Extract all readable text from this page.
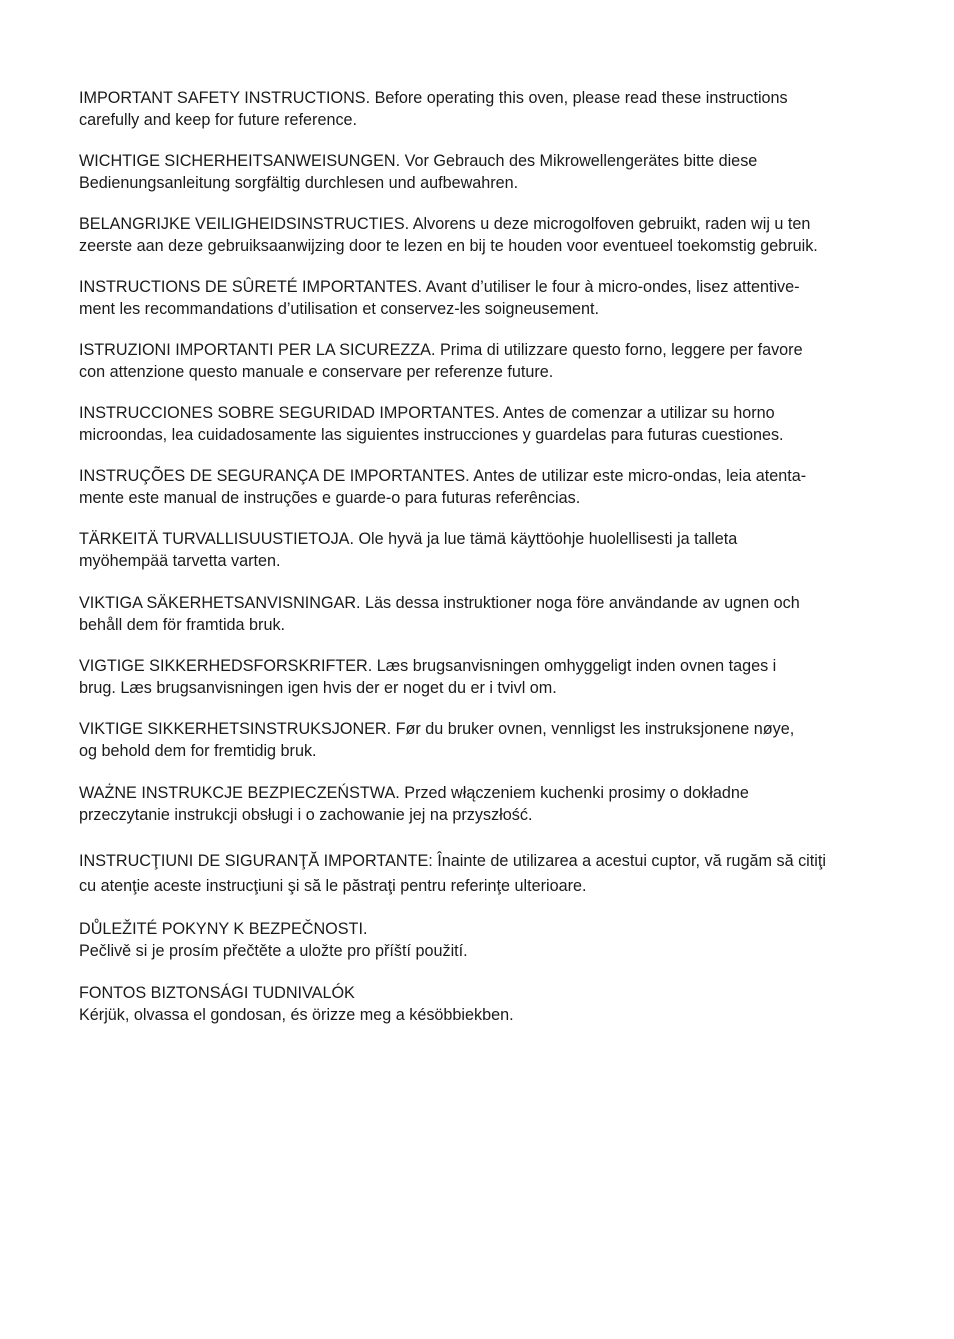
IMPORTANT SAFETY INSTRUCTIONS. Before operating this oven, please read these instructions
carefully and keep for future reference.

WICHTIGE SICHERHEITSANWEISUNGEN. Vor Gebrauch des Mikrowellengerätes bitte diese
Bedienungsanleitung sorgfältig durchlesen und aufbewahren.

BELANGRIJKE VEILIGHEIDSINSTRUCTIES. Alvorens u deze microgolfoven gebruikt, raden wij u ten
zeerste aan deze gebruiksaanwijzing door te lezen en bij te houden voor eventueel toekomstig gebruik.

INSTRUCTIONS DE SÛRETÉ IMPORTANTES. Avant d’utiliser le four à micro-ondes, lisez attentive-
ment les recommandations d’utilisation et conservez-les soigneusement.

ISTRUZIONI IMPORTANTI PER LA SICUREZZA. Prima di utilizzare questo forno, leggere per favore
con attenzione questo manuale e conservare per referenze future.

INSTRUCCIONES SOBRE SEGURIDAD IMPORTANTES. Antes de comenzar a utilizar su horno
microondas, lea cuidadosamente las siguientes instrucciones y guardelas para futuras cuestiones.

INSTRUÇÕES DE SEGURANÇA DE IMPORTANTES. Antes de utilizar este micro-ondas, leia atenta-
mente este manual de instruções e guarde-o para futuras referências.

TÄRKEITÄ TURVALLISUUSTIETOJA. Ole hyvä ja lue tämä käyttöohje huolellisesti ja talleta
myöhempää tarvetta varten.

VIKTIGA SÄKERHETSANVISNINGAR. Läs dessa instruktioner noga före användande av ugnen och
behåll dem för framtida bruk.

VIGTIGE SIKKERHEDSFORSKRIFTER. Læs brugsanvisningen omhyggeligt inden ovnen tages i
brug. Læs brugsanvisningen igen hvis der er noget du er i tvivl om.

VIKTIGE SIKKERHETSINSTRUKSJONER. Før du bruker ovnen, vennligst les instruksjonene nøye,
og behold dem for fremtidig bruk.

WAŻNE INSTRUKCJE BEZPIECZEŃSTWA. Przed włączeniem kuchenki prosimy o dokładne
przeczytanie instrukcji obsługi i o zachowanie jej na przyszłość.

INSTRUCŢIUNI DE SIGURANŢĂ IMPORTANTE: Înainte de utilizarea a acestui cuptor, vă rugăm să citiţi
cu atenţie aceste instrucţiuni şi să le păstraţi pentru referinţe ulterioare.

DŮLEŽITÉ POKYNY K BEZPEČNOSTI.
Pečlivě si je prosím přečtěte a uložte pro příští použití.

FONTOS BIZTONSÁGI TUDNIVALÓK
Kérjük, olvassa el gondosan, és örizze meg a késöbbiekben.
